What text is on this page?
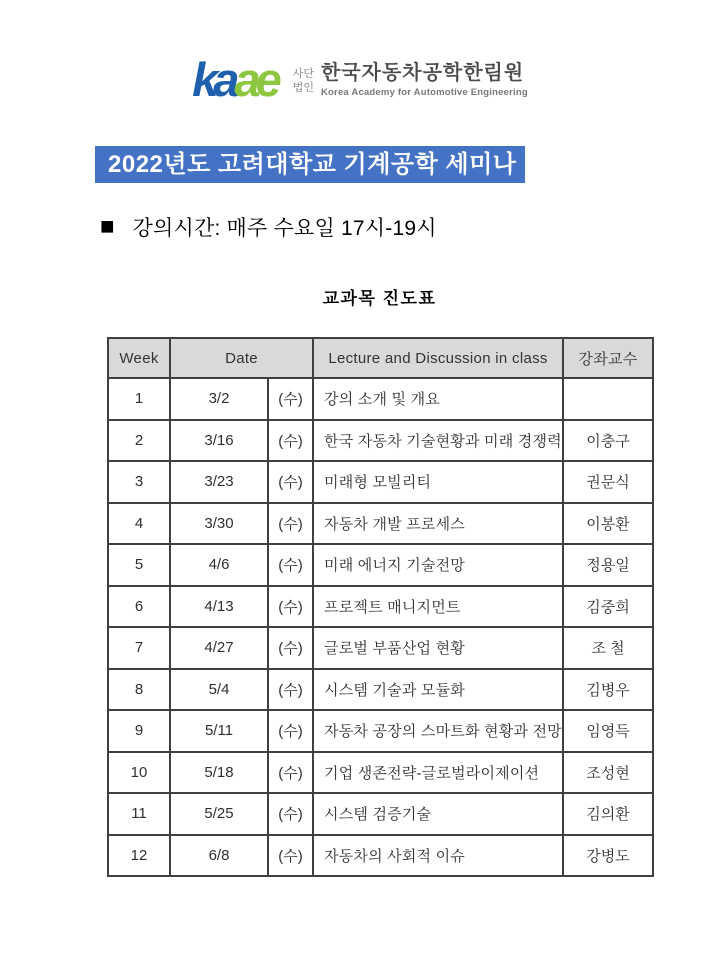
kaae	사단
법인
한국자동차공학한림원
Korea Academy for Automotive Engineering
2022년도 고려대학교 기계공학 세미나
■ 강의시간: 매주 수요일 17시-19시
교과목 진도표
Week	Date		Lecture and Discussion in class	강좌교수
1	3/2	(수)	강의 소개 및 개요	
2	3/16	(수)	한국 자동차 기술현황과 미래 경쟁력	이충구
3	3/23	(수)	미래형 모빌리티	권문식
4	3/30	(수)	자동차 개발 프로세스	이봉환
5	4/6	(수)	미래 에너지 기술전망	정용일
6	4/13	(수)	프로젝트 매니지먼트	김중희
7	4/27	(수)	글로벌 부품산업 현황	조 철
8	5/4	(수)	시스템 기술과 모듈화	김병우
9	5/11	(수)	자동차 공장의 스마트화 현황과 전망	임영득
10	5/18	(수)	기업 생존전략-글로벌라이제이션	조성현
11	5/25	(수)	시스템 검증기술	김의환
12	6/8	(수)	자동차의 사회적 이슈	강병도
